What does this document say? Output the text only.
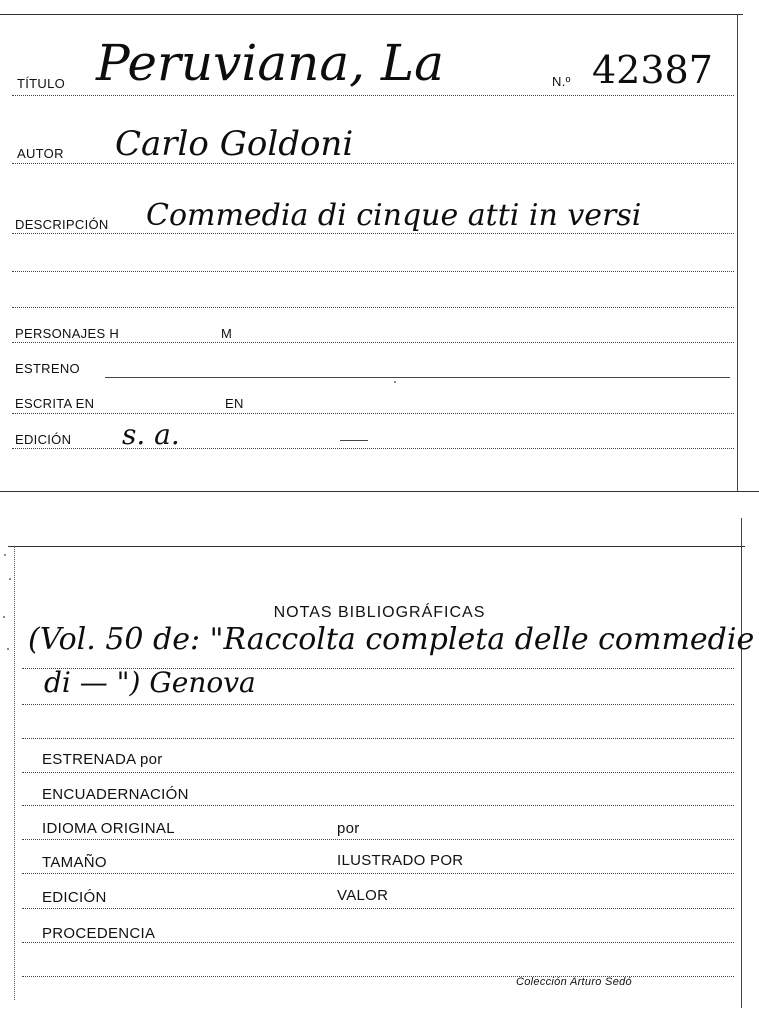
TÍTULO Peruviana, La	N.º 42387
AUTOR Carlo Goldoni
DESCRIPCIÓN Commedia di cinque atti in versi
PERSONAJES H	M
ESTRENO
ESCRITA EN	EN
EDICIÓN s. a.
NOTAS BIBLIOGRÁFICAS
(Vol. 50 de: "Raccolta completa delle commedie
di — ") Genova
ESTRENADA por
ENCUADERNACIÓN
IDIOMA ORIGINAL	por
TAMAÑO	ILUSTRADO POR
EDICIÓN	VALOR
PROCEDENCIA
Colección Arturo Sedó
